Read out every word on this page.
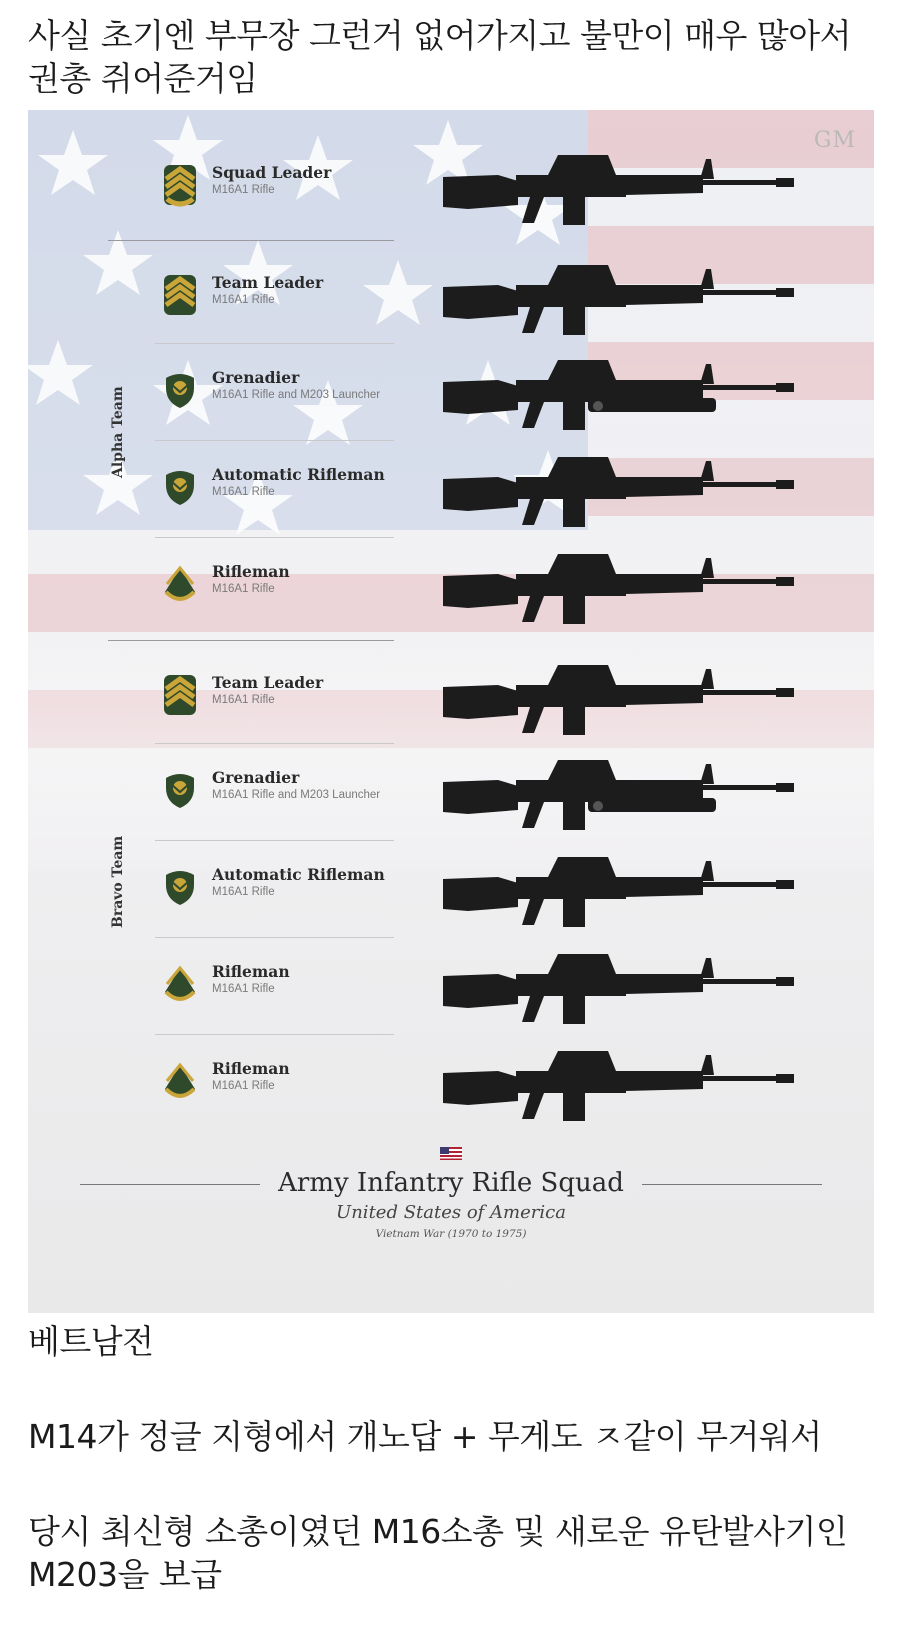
사실 초기엔 부무장 그런거 없어가지고 불만이 매우 많아서 권총 쥐어준거임
GM
Alpha Team
Bravo Team
Squad Leader
M16A1 Rifle
Team Leader
M16A1 Rifle
Grenadier
M16A1 Rifle and M203 Launcher
Automatic Rifleman
M16A1 Rifle
Rifleman
M16A1 Rifle
Team Leader
M16A1 Rifle
Grenadier
M16A1 Rifle and M203 Launcher
Automatic Rifleman
M16A1 Rifle
Rifleman
M16A1 Rifle
Rifleman
M16A1 Rifle
Army Infantry Rifle Squad
United States of America
Vietnam War (1970 to 1975)
베트남전
M14가 정글 지형에서 개노답 + 무게도 ㅈ같이 무거워서
당시 최신형 소총이였던 M16소총 및 새로운 유탄발사기인 M203을 보급
